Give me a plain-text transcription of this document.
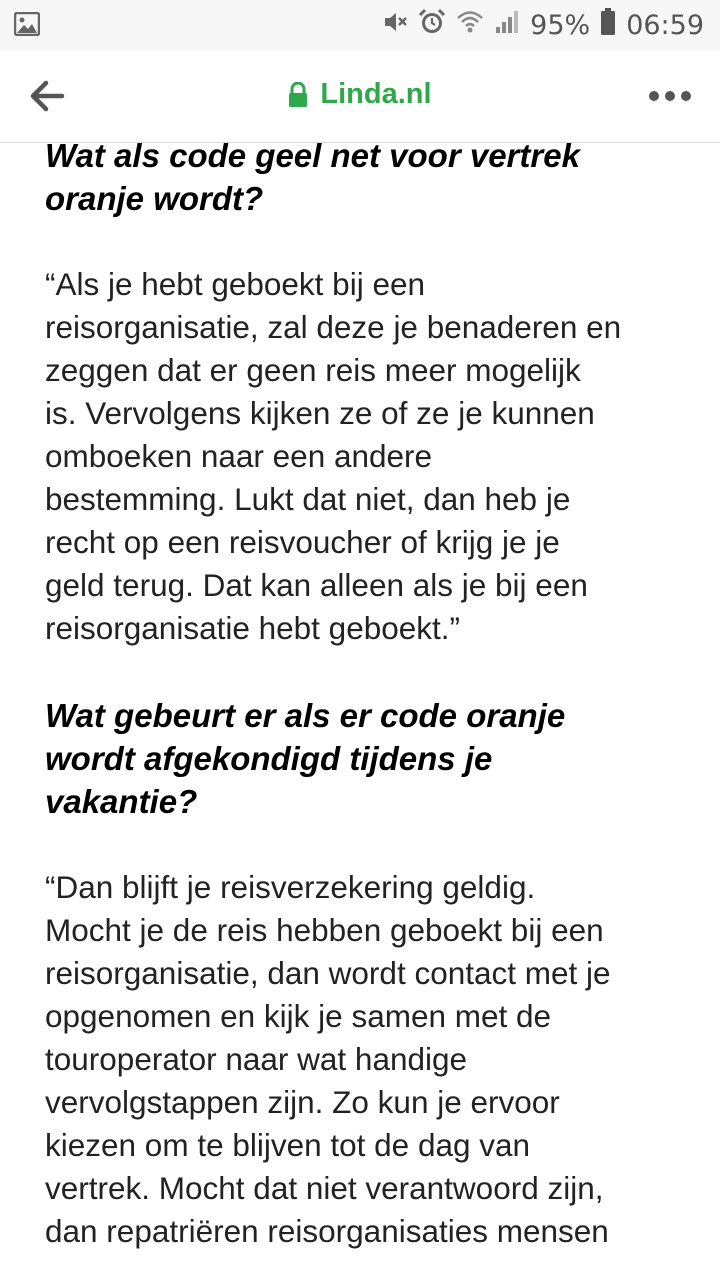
95% 06:59
Linda.nl
Wat als code geel net voor vertrek
oranje wordt?

“Als je hebt geboekt bij een
reisorganisatie, zal deze je benaderen en
zeggen dat er geen reis meer mogelijk
is. Vervolgens kijken ze of ze je kunnen
omboeken naar een andere
bestemming. Lukt dat niet, dan heb je
recht op een reisvoucher of krijg je je
geld terug. Dat kan alleen als je bij een
reisorganisatie hebt geboekt.”

Wat gebeurt er als er code oranje
wordt afgekondigd tijdens je
vakantie?

“Dan blijft je reisverzekering geldig.
Mocht je de reis hebben geboekt bij een
reisorganisatie, dan wordt contact met je
opgenomen en kijk je samen met de
touroperator naar wat handige
vervolgstappen zijn. Zo kun je ervoor
kiezen om te blijven tot de dag van
vertrek. Mocht dat niet verantwoord zijn,
dan repatriëren reisorganisaties mensen
